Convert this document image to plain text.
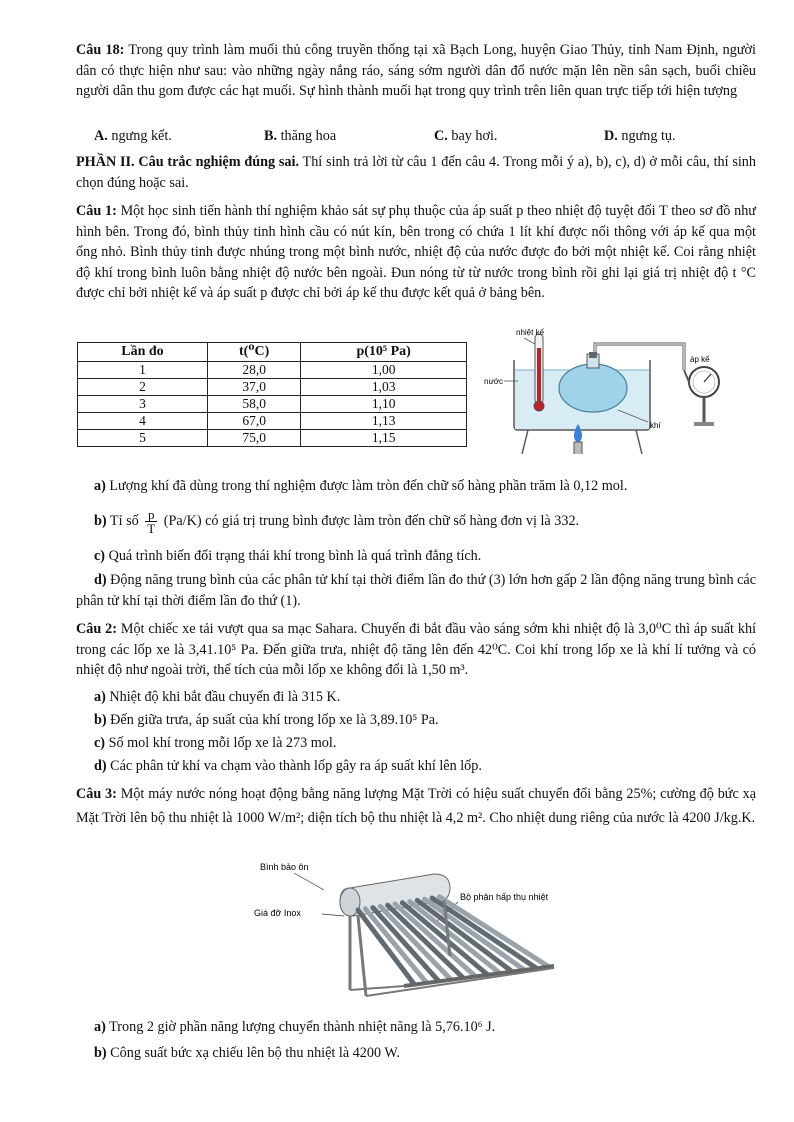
Câu 18: Trong quy trình làm muối thủ công truyền thống tại xã Bạch Long, huyện Giao Thủy, tỉnh Nam Định, người dân có thực hiện như sau: vào những ngày nắng ráo, sáng sớm người dân đổ nước mặn lên nền sân sạch, buổi chiều người dân thu gom được các hạt muối. Sự hình thành muối hạt trong quy trình trên liên quan trực tiếp tới hiện tượng
A. ngưng kết.	B. thăng hoa	C. bay hơi.	D. ngưng tụ.
PHẦN II. Câu trắc nghiệm đúng sai. Thí sinh trả lời từ câu 1 đến câu 4. Trong mỗi ý a), b), c), d) ở mỗi câu, thí sinh chọn đúng hoặc sai.
Câu 1: Một học sinh tiến hành thí nghiệm khảo sát sự phụ thuộc của áp suất p theo nhiệt độ tuyệt đối T theo sơ đồ như hình bên. Trong đó, bình thủy tinh hình cầu có nút kín, bên trong có chứa 1 lít khí được nối thông với áp kế qua một ống nhỏ. Bình thủy tinh được nhúng trong một bình nước, nhiệt độ của nước được đo bởi một nhiệt kế. Coi rằng nhiệt độ khí trong bình luôn bằng nhiệt độ nước bên ngoài. Đun nóng từ từ nước trong bình rồi ghi lại giá trị nhiệt độ t °C được chỉ bởi nhiệt kế và áp suất p được chỉ bởi áp kế thu được kết quả ở bảng bên.
Lần đo	t(⁰C)	p(10⁵ Pa)
1	28,0	1,00
2	37,0	1,03
3	58,0	1,10
4	67,0	1,13
5	75,0	1,15
nhiệt kế
áp kế
nước
khí
a) Lượng khí đã dùng trong thí nghiệm được làm tròn đến chữ số hàng phần trăm là 0,12 mol.
b) Tỉ số $\frac{p}{T} (Pa/K)$ có giá trị trung bình được làm tròn đến chữ số hàng đơn vị là 332.
c) Quá trình biến đổi trạng thái khí trong bình là quá trình đẳng tích.
d) Động năng trung bình của các phân tử khí tại thời điểm lần đo thứ (3) lớn hơn gấp 2 lần động năng trung bình các phân tử khí tại thời điểm lần đo thứ (1).
Câu 2: Một chiếc xe tải vượt qua sa mạc Sahara. Chuyến đi bắt đầu vào sáng sớm khi nhiệt độ là 3,0⁰C thì áp suất khí trong các lốp xe là 3,41.10⁵ Pa. Đến giữa trưa, nhiệt độ tăng lên đến 42⁰C. Coi khí trong lốp xe là khí lí tưởng và có nhiệt độ như ngoài trời, thể tích của mỗi lốp xe không đổi là 1,50 m³.
a) Nhiệt độ khi bắt đầu chuyến đi là 315 K.
b) Đến giữa trưa, áp suất của khí trong lốp xe là 3,89.10⁵ Pa.
c) Số mol khí trong mỗi lốp xe là 273 mol.
d) Các phân tử khí va chạm vào thành lốp gây ra áp suất khí lên lốp.
Câu 3: Một máy nước nóng hoạt động bằng năng lượng Mặt Trời có hiệu suất chuyển đổi bằng 25%; cường độ bức xạ Mặt Trời lên bộ thu nhiệt là 1000 W/m²; diện tích bộ thu nhiệt là 4,2 m². Cho nhiệt dung riêng của nước là 4200 J/kg.K.
Bình bảo ôn
Giá đỡ Inox
Bộ phận hấp thụ nhiệt
a) Trong 2 giờ phần năng lượng chuyển thành nhiệt năng là 5,76.10⁶ J.
b) Công suất bức xạ chiếu lên bộ thu nhiệt là 4200 W.
